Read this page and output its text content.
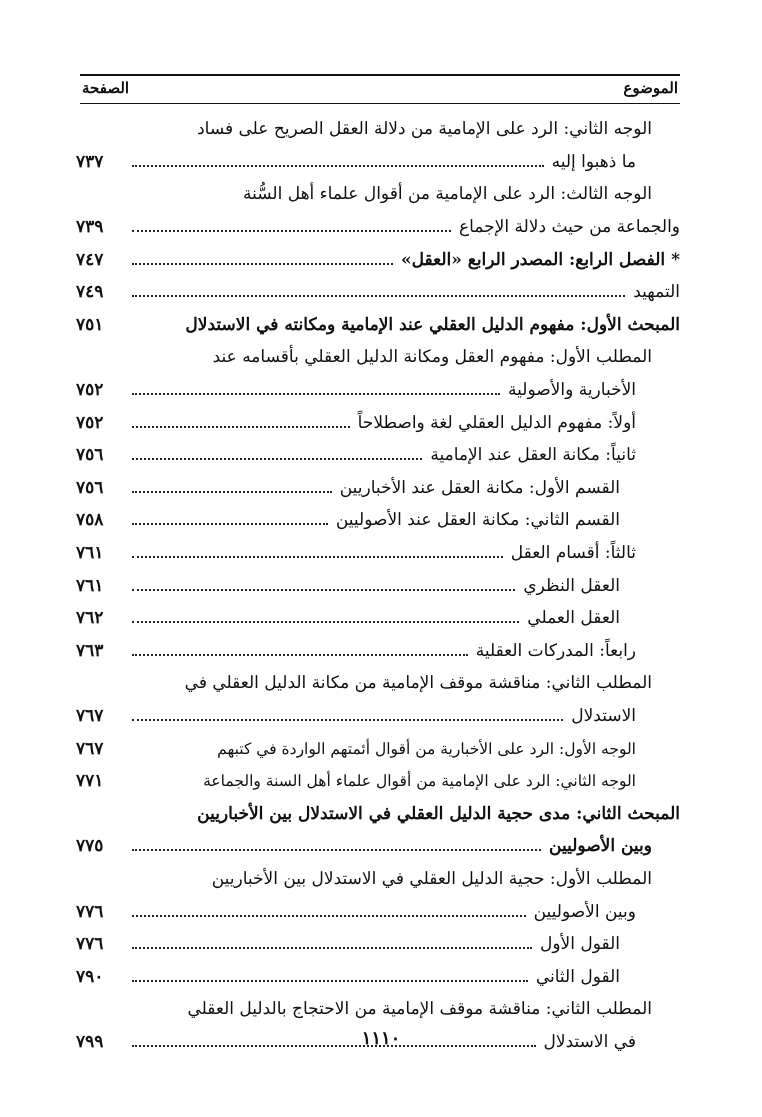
الموضوع
الصفحة
الوجه الثاني: الرد على الإمامية من دلالة العقل الصريح على فساد
ما ذهبوا إليه
٧٣٧
الوجه الثالث: الرد على الإمامية من أقوال علماء أهل السُّنة
والجماعة من حيث دلالة الإجماع
٧٣٩
*الفصل الرابع: المصدر الرابع «العقل»
٧٤٧
التمهيد
٧٤٩
المبحث الأول: مفهوم الدليل العقلي عند الإمامية ومكانته في الاستدلال
٧٥١
المطلب الأول: مفهوم العقل ومكانة الدليل العقلي بأقسامه عند
الأخبارية والأصولية
٧٥٢
أولاً: مفهوم الدليل العقلي لغة واصطلاحاً
٧٥٢
ثانياً: مكانة العقل عند الإمامية
٧٥٦
القسم الأول: مكانة العقل عند الأخباريين
٧٥٦
القسم الثاني: مكانة العقل عند الأصوليين
٧٥٨
ثالثاً: أقسام العقل
٧٦١
العقل النظري
٧٦١
العقل العملي
٧٦٢
رابعاً: المدركات العقلية
٧٦٣
المطلب الثاني: مناقشة موقف الإمامية من مكانة الدليل العقلي في
الاستدلال
٧٦٧
الوجه الأول: الرد على الأخبارية من أقوال أئمتهم الواردة في كتبهم
٧٦٧
الوجه الثاني: الرد على الإمامية من أقوال علماء أهل السنة والجماعة
٧٧١
المبحث الثاني: مدى حجية الدليل العقلي في الاستدلال بين الأخباريين
وبين الأصوليين
٧٧٥
المطلب الأول: حجية الدليل العقلي في الاستدلال بين الأخباريين
وبين الأصوليين
٧٧٦
القول الأول
٧٧٦
القول الثاني
٧٩٠
المطلب الثاني: مناقشة موقف الإمامية من الاحتجاج بالدليل العقلي
في الاستدلال
٧٩٩	١١١٠
